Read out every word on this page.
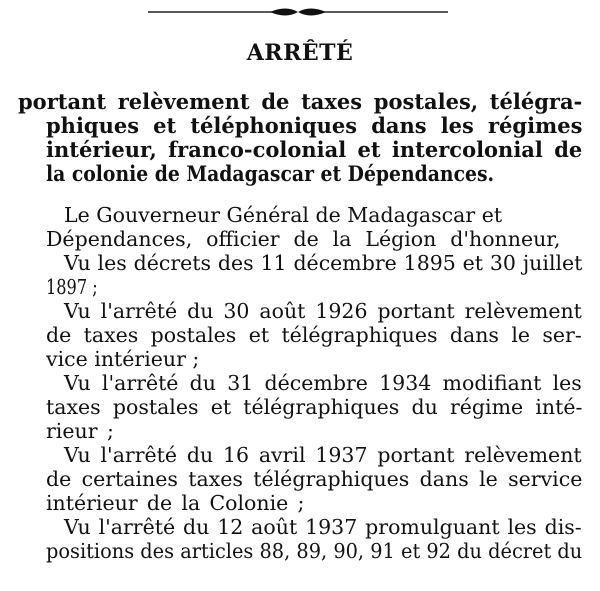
ARRÊTÉ
portant relèvement de taxes postales, télégra-
phiques et téléphoniques dans les régimes
intérieur, franco-colonial et intercolonial de
la colonie de Madagascar et Dépendances.
Le Gouverneur Général de Madagascar et
Dépendances, officier de la Légion d'honneur,
Vu les décrets des 11 décembre 1895 et 30 juillet
1897 ;
Vu l'arrêté du 30 août 1926 portant relèvement
de taxes postales et télégraphiques dans le ser-
vice intérieur ;
Vu l'arrêté du 31 décembre 1934 modifiant les
taxes postales et télégraphiques du régime inté-
rieur ;
Vu l'arrêté du 16 avril 1937 portant relèvement
de certaines taxes télégraphiques dans le service
intérieur de la Colonie ;
Vu l'arrêté du 12 août 1937 promulguant les dis-
positions des articles 88, 89, 90, 91 et 92 du décret du
